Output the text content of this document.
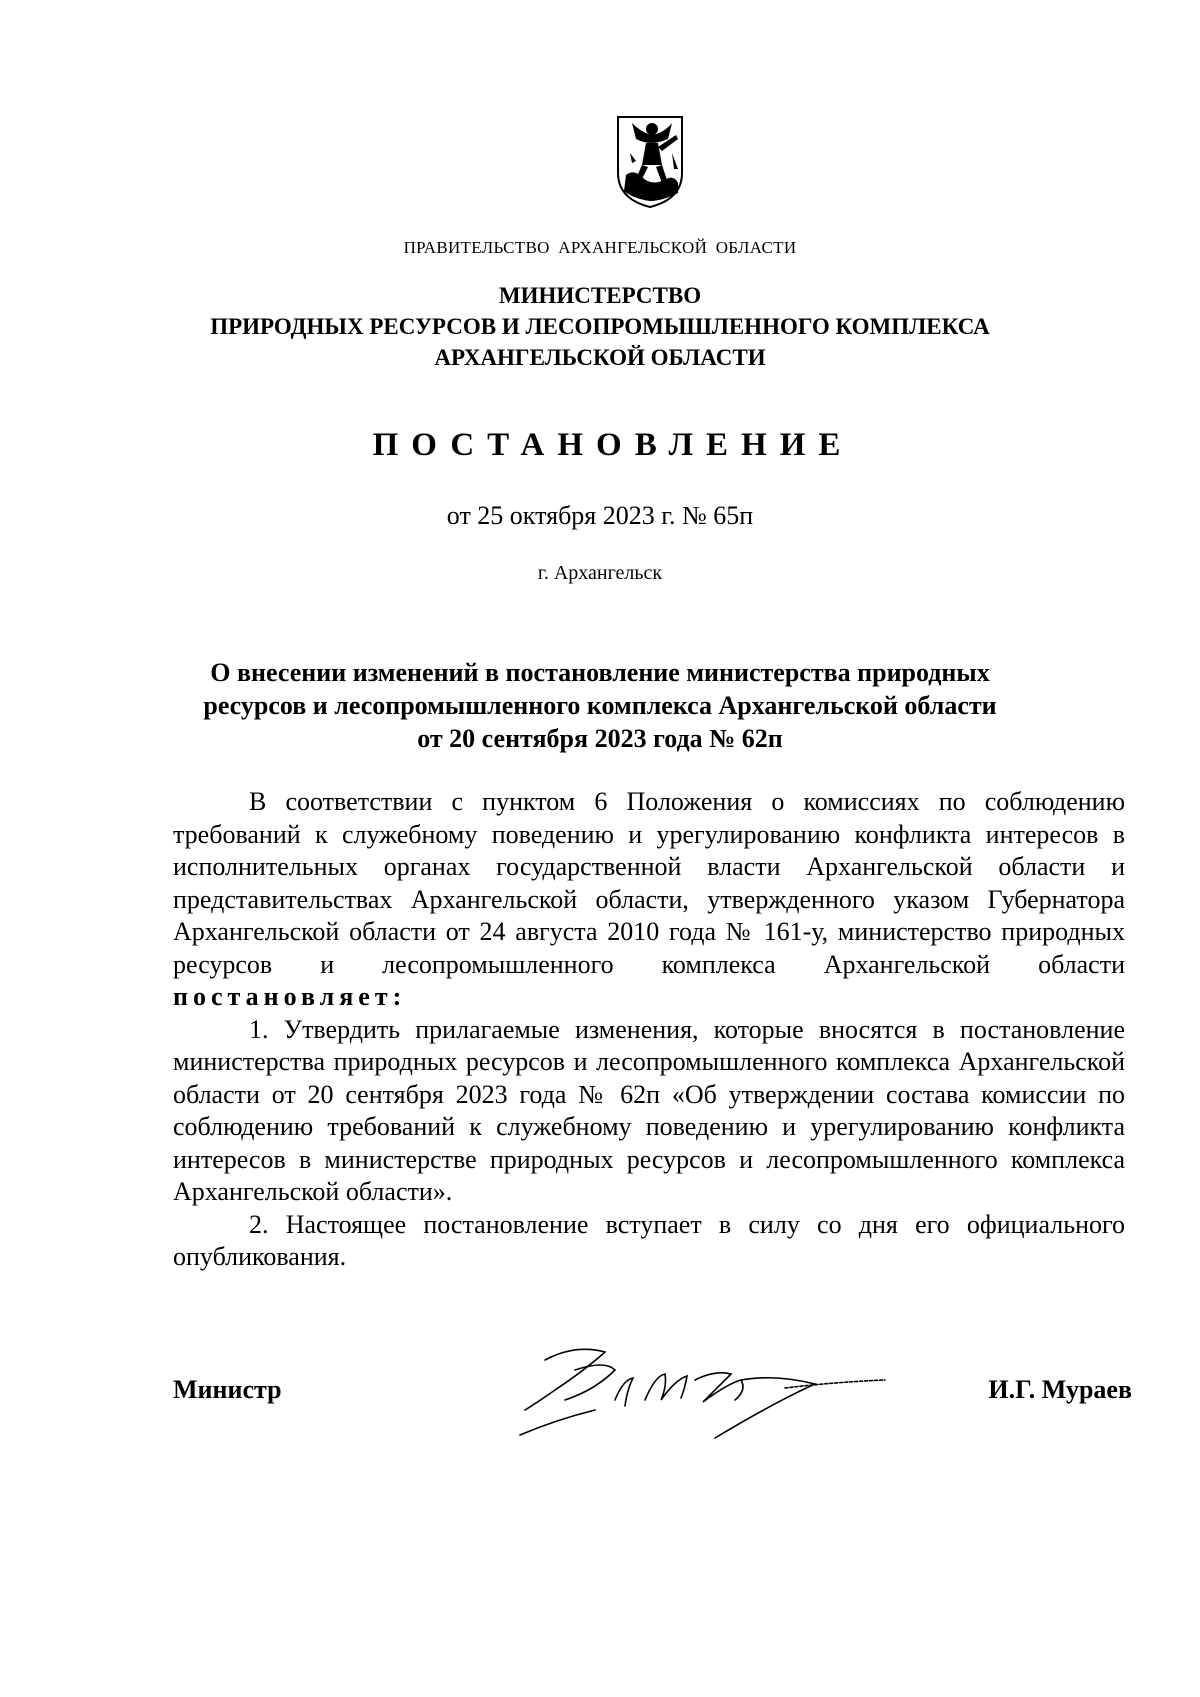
ПРАВИТЕЛЬСТВО АРХАНГЕЛЬСКОЙ ОБЛАСТИ
МИНИСТЕРСТВО
ПРИРОДНЫХ РЕСУРСОВ И ЛЕСОПРОМЫШЛЕННОГО КОМПЛЕКСА
АРХАНГЕЛЬСКОЙ ОБЛАСТИ
ПОСТАНОВЛЕНИЕ
от 25 октября 2023 г. № 65п
г. Архангельск
О внесении изменений в постановление министерства природных
ресурсов и лесопромышленного комплекса Архангельской области
от 20 сентября 2023 года № 62п

В соответствии с пунктом 6 Положения о комиссиях по соблюдению требований к служебному поведению и урегулированию конфликта интересов в исполнительных органах государственной власти Архангельской области и представительствах Архангельской области, утвержденного указом Губернатора Архангельской области от 24 августа 2010 года № 161-у, министерство природных ресурсов и лесопромышленного комплекса Архангельской области постановляет:

1. Утвердить прилагаемые изменения, которые вносятся в постановление министерства природных ресурсов и лесопромышленного комплекса Архангельской области от 20 сентября 2023 года № 62п «Об утверждении состава комиссии по соблюдению требований к служебному поведению и урегулированию конфликта интересов в министерстве природных ресурсов и лесопромышленного комплекса Архангельской области».

2. Настоящее постановление вступает в силу со дня его официального опубликования.

Министр	И.Г. Мураев
